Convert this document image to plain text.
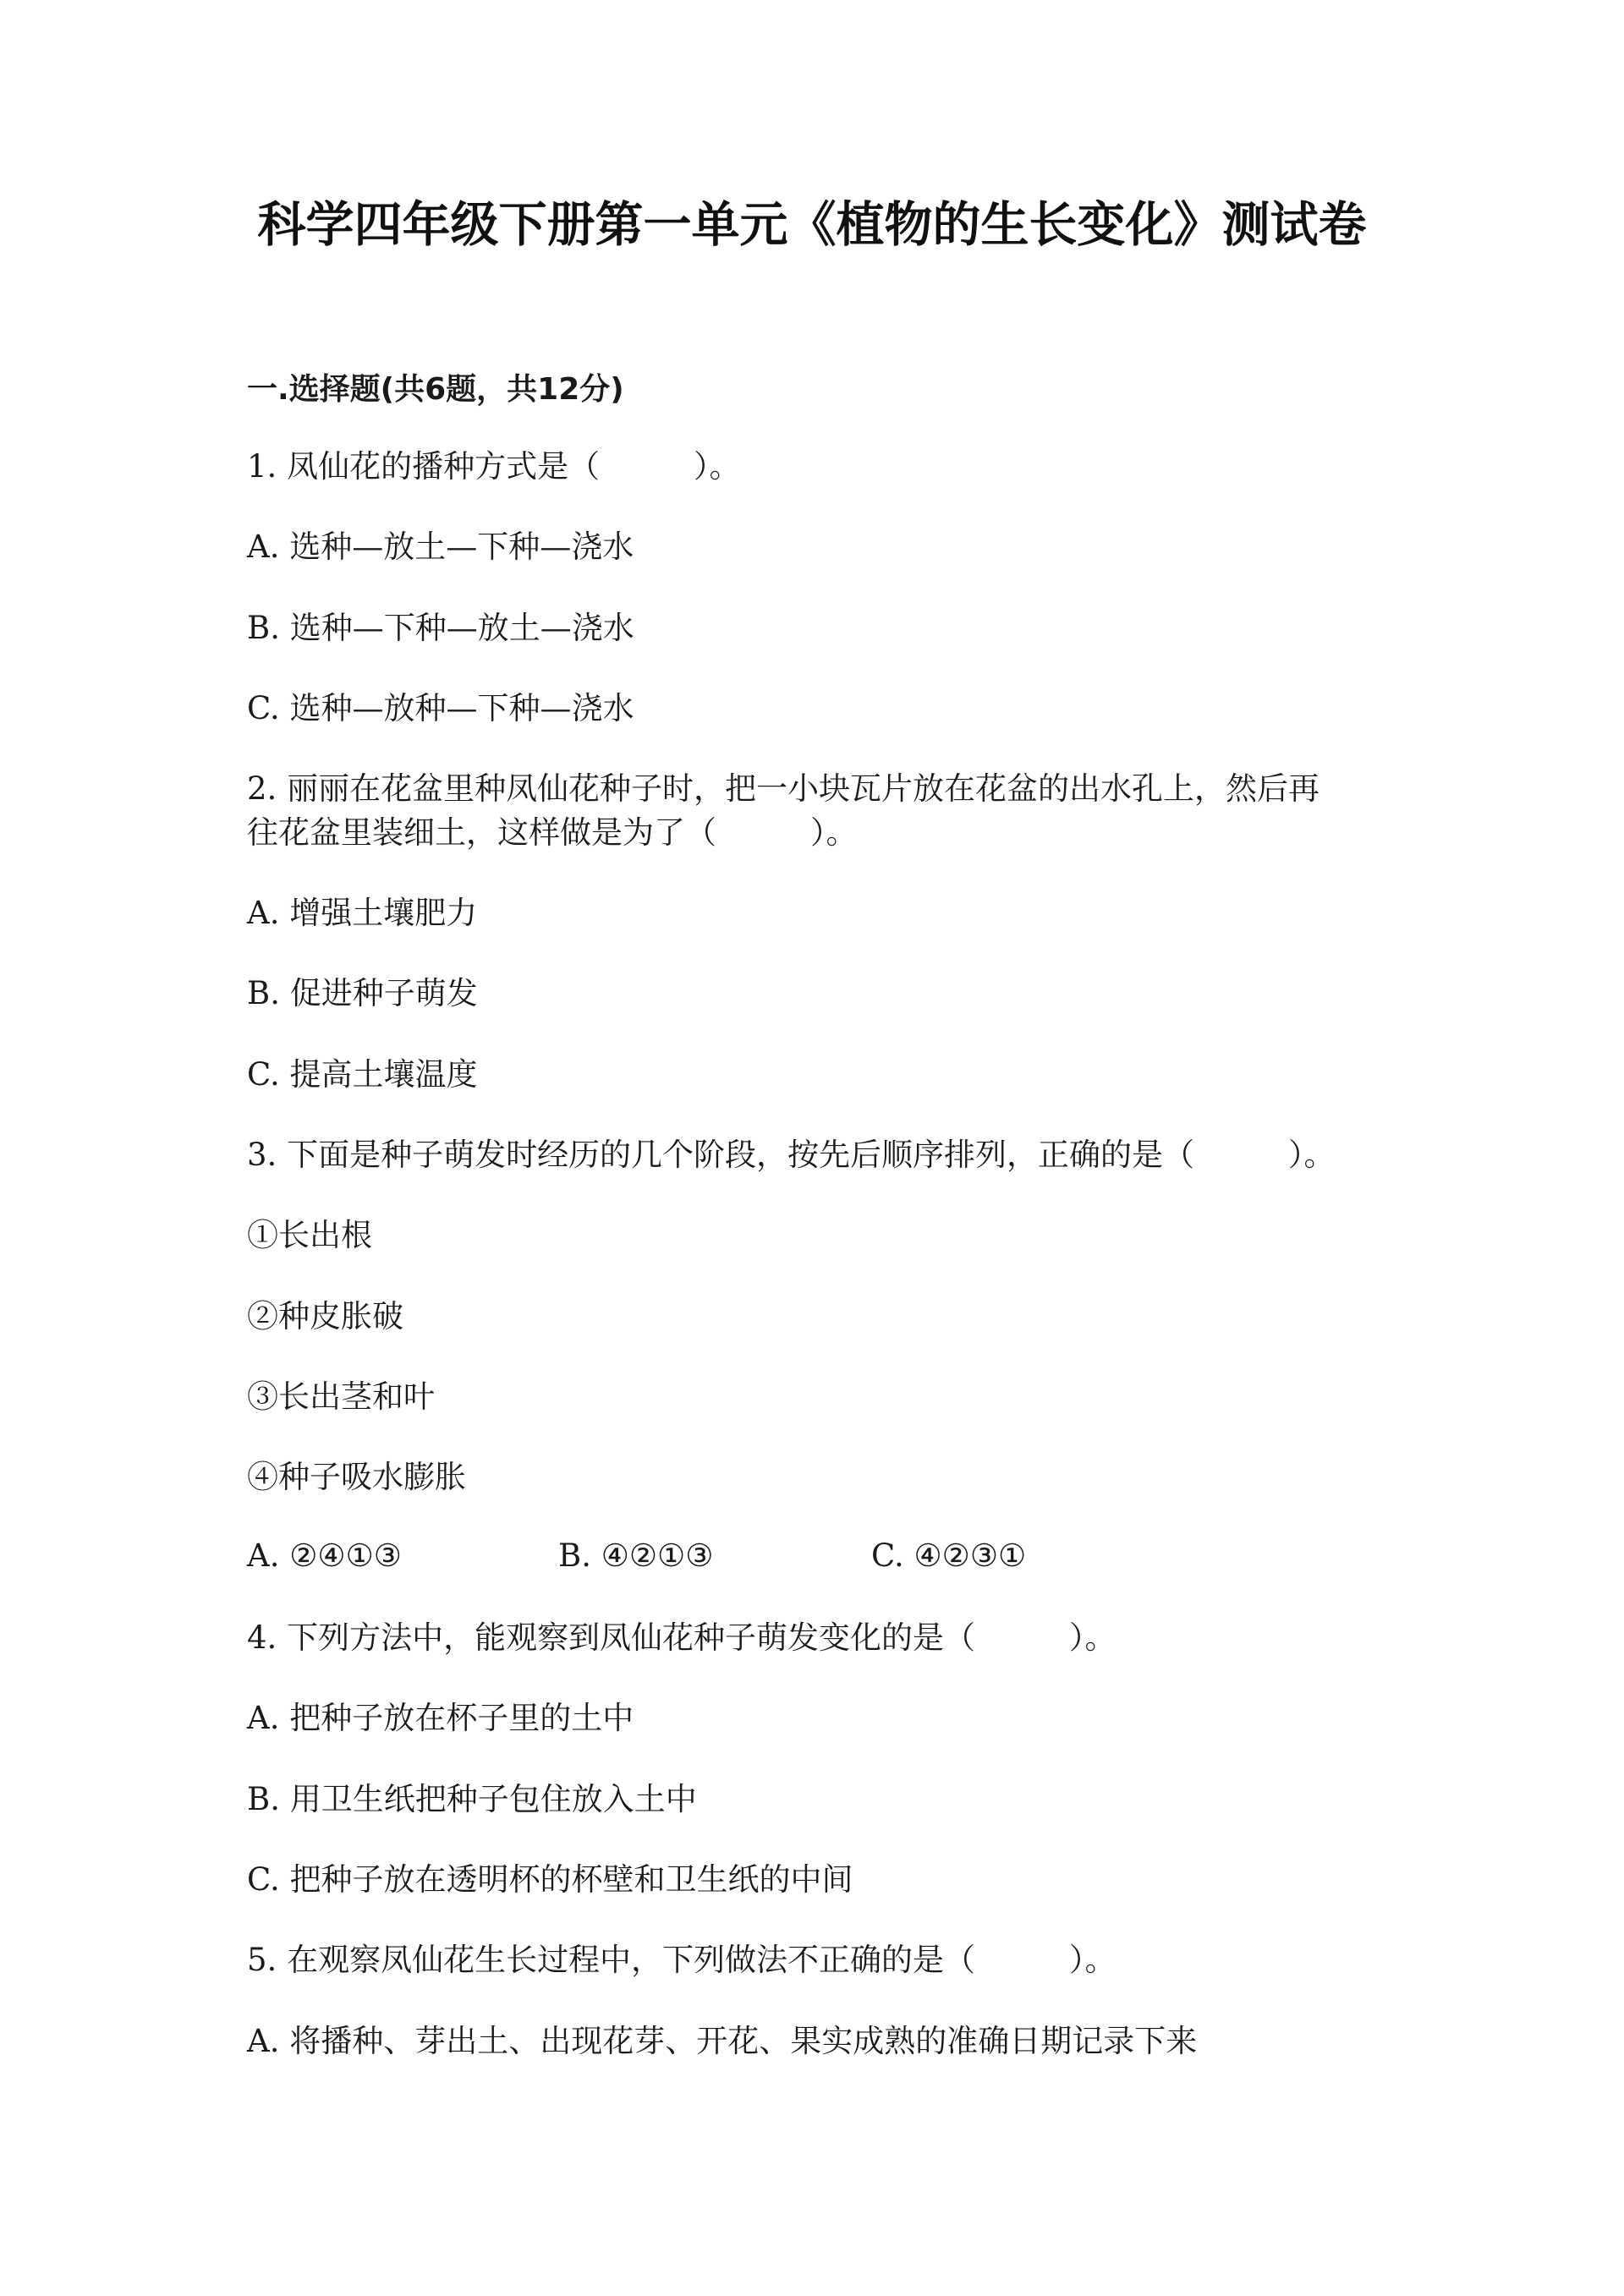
科学四年级下册第一单元《植物的生长变化》测试卷
一.选择题(共6题，共12分)
1. 凤仙花的播种方式是（　　　）。
A. 选种—放土—下种—浇水
B. 选种—下种—放土—浇水
C. 选种—放种—下种—浇水
2. 丽丽在花盆里种凤仙花种子时，把一小块瓦片放在花盆的出水孔上，然后再
往花盆里装细土，这样做是为了（　　　）。
A. 增强土壤肥力
B. 促进种子萌发
C. 提高土壤温度
3. 下面是种子萌发时经历的几个阶段，按先后顺序排列，正确的是（　　　）。
①长出根
②种皮胀破
③长出茎和叶
④种子吸水膨胀
A. ②④①③	B. ④②①③	C. ④②③①
4. 下列方法中，能观察到凤仙花种子萌发变化的是（　　　）。
A. 把种子放在杯子里的土中
B. 用卫生纸把种子包住放入土中
C. 把种子放在透明杯的杯壁和卫生纸的中间
5. 在观察凤仙花生长过程中，下列做法不正确的是（　　　）。
A. 将播种、芽出土、出现花芽、开花、果实成熟的准确日期记录下来
